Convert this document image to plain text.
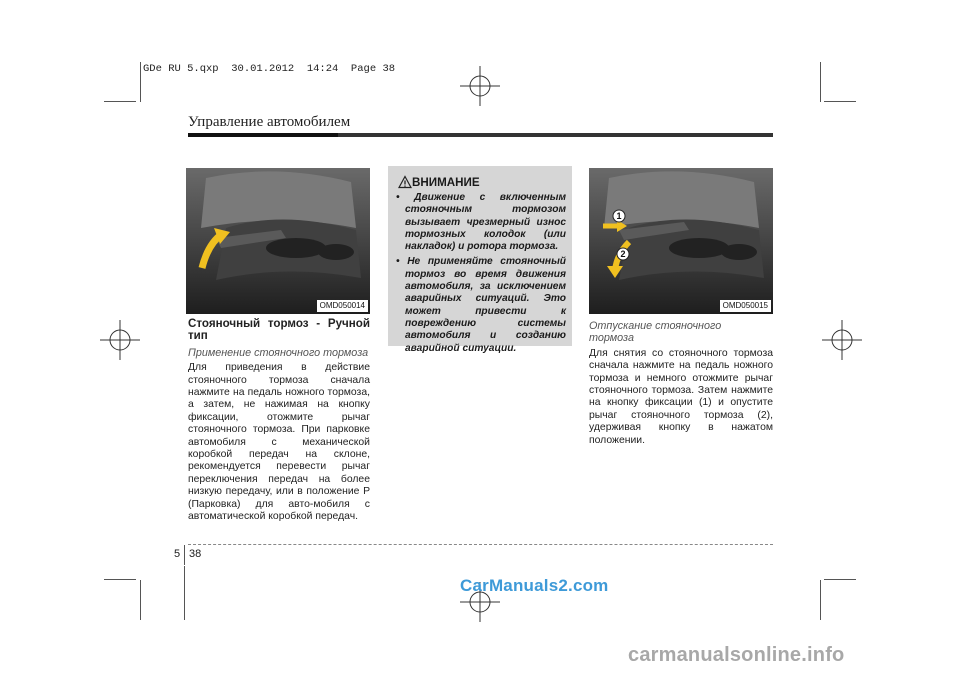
GDe RU 5.qxp  30.01.2012  14:24  Page 38
Управление автомобилем
OMD050014
Стояночный тормоз - Ручной тип
Применение стояночного тормоза

Для приведения в действие стояночного тормоза сначала нажмите на педаль ножного тормоза, а затем, не нажимая на кнопку фиксации, отожмите рычаг стояночного тормоза. При парковке автомобиля с механической коробкой передач на склоне, рекомендуется перевести рычаг переключения передач на более низкую передачу, или в положение P (Парковка) для авто-мобиля с автоматической коробкой передач.

ВНИМАНИЕ
• Движение с включенным стояночным тормозом вызывает чрезмерный износ тормозных колодок (или накладок) и ротора тормоза.
• Не применяйте стояночный тормоз во время движения автомобиля, за исключением аварийных ситуаций. Это может привести к повреждению системы автомобиля и созданию аварийной ситуации.
1
2
OMD050015
Отпускание стояночного тормоза

Для снятия со стояночного тормоза сначала нажмите на педаль ножного тормоза и немного отожмите рычаг стояночного тормоза. Затем нажмите на кнопку фиксации (1) и опустите рычаг стояночного тормоза (2), удерживая кнопку в нажатом положении.

5 38
CarManuals2.com
carmanualsonline.info
